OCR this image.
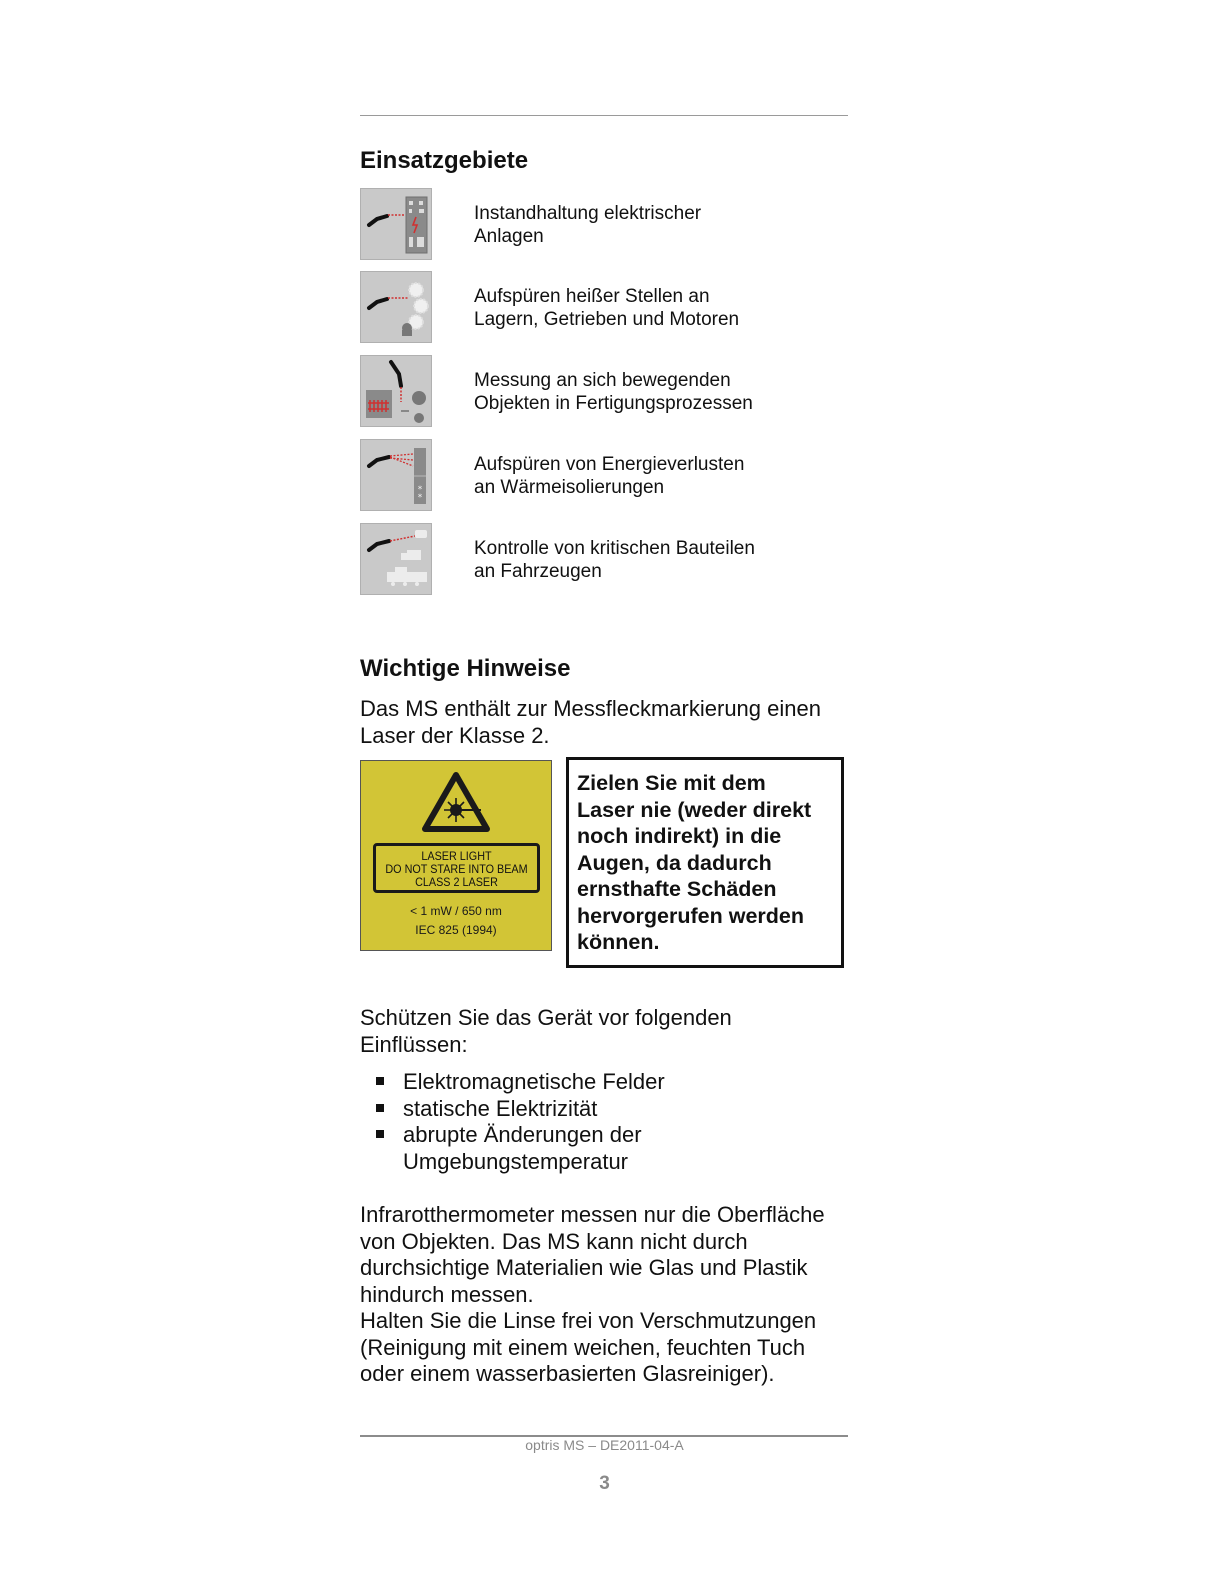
Einsatzgebiete
Instandhaltung elektrischer
Anlagen
Aufspüren heißer Stellen an
Lagern, Getrieben und Motoren
Messung an sich bewegenden
Objekten in Fertigungsprozessen
*
*
Aufspüren von Energieverlusten
an Wärmeisolierungen
Kontrolle von kritischen Bauteilen
an Fahrzeugen
Wichtige Hinweise
Das MS enthält zur Messfleckmarkierung einen
Laser der Klasse 2.
LASER LIGHT
DO NOT STARE INTO BEAM
CLASS 2 LASER
< 1 mW / 650 nm
IEC 825 (1994)

Zielen Sie mit dem
Laser nie (weder direkt
noch indirekt) in die
Augen, da dadurch
ernsthafte Schäden
hervorgerufen werden
können.

Schützen Sie das Gerät vor folgenden
Einflüssen:
Elektromagnetische Felder
statische Elektrizität
abrupte Änderungen der
Umgebungstemperatur
Infrarotthermometer messen nur die Oberfläche
von Objekten. Das MS kann nicht durch
durchsichtige Materialien wie Glas und Plastik
hindurch messen.
Halten Sie die Linse frei von Verschmutzungen
(Reinigung mit einem weichen, feuchten Tuch
oder einem wasserbasierten Glasreiniger).
optris MS – DE2011-04-A
3
